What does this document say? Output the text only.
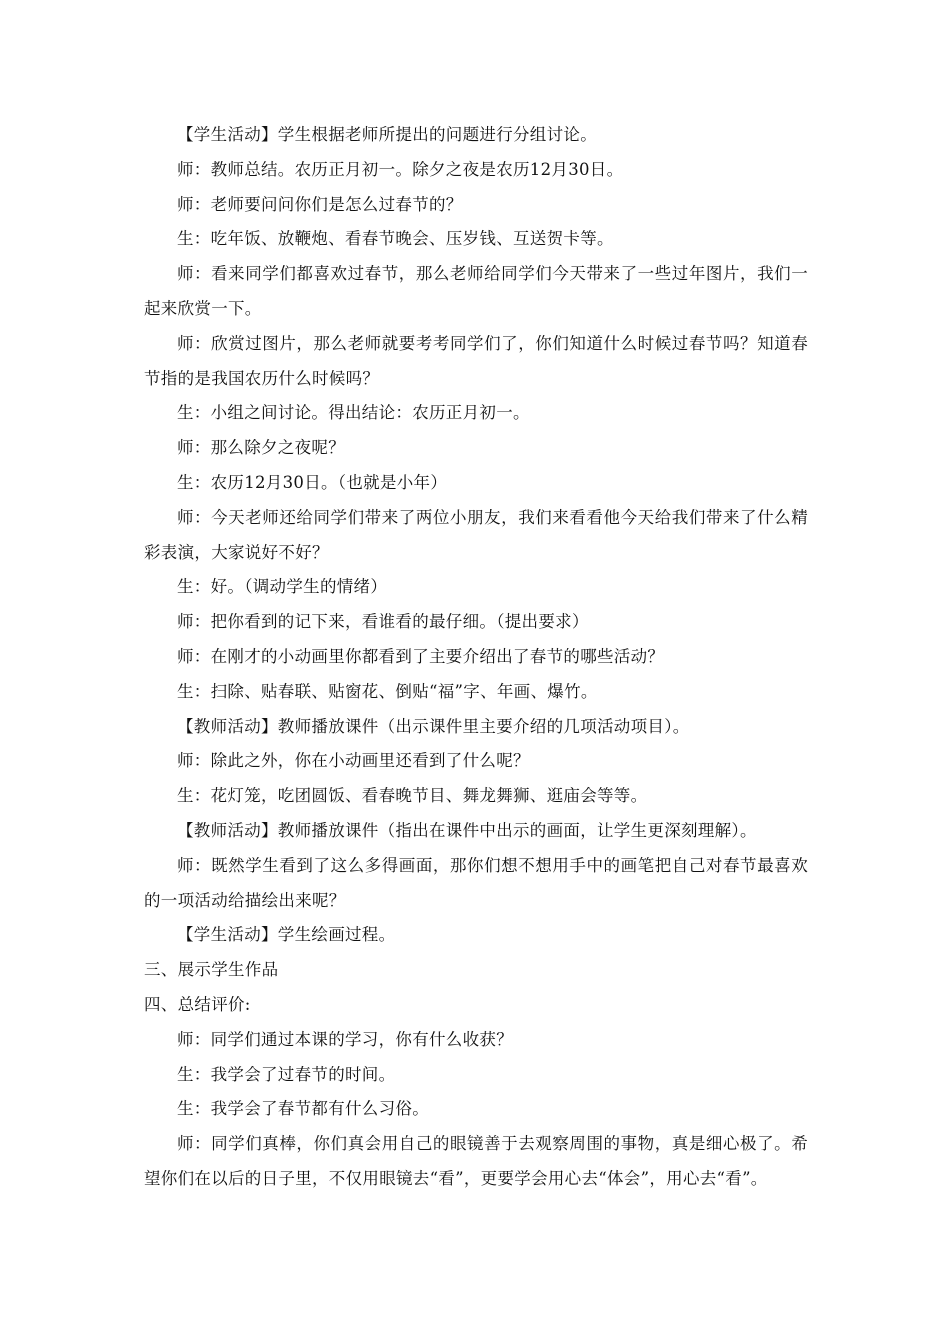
【学生活动】学生根据老师所提出的问题进行分组讨论。

师：教师总结。农历正月初一。除夕之夜是农历12月30日。

师：老师要问问你们是怎么过春节的？

生：吃年饭、放鞭炮、看春节晚会、压岁钱、互送贺卡等。

师：看来同学们都喜欢过春节，那么老师给同学们今天带来了一些过年图片，我们一起来欣赏一下。

师：欣赏过图片，那么老师就要考考同学们了，你们知道什么时候过春节吗？知道春节指的是我国农历什么时候吗？

生：小组之间讨论。得出结论：农历正月初一。

师：那么除夕之夜呢？

生：农历12月30日。（也就是小年）

师：今天老师还给同学们带来了两位小朋友，我们来看看他今天给我们带来了什么精彩表演，大家说好不好？

生：好。（调动学生的情绪）

师：把你看到的记下来，看谁看的最仔细。（提出要求）

师：在刚才的小动画里你都看到了主要介绍出了春节的哪些活动？

生：扫除、贴春联、贴窗花、倒贴“福”字、年画、爆竹。

【教师活动】教师播放课件（出示课件里主要介绍的几项活动项目）。

师：除此之外，你在小动画里还看到了什么呢？

生：花灯笼，吃团圆饭、看春晚节目、舞龙舞狮、逛庙会等等。

【教师活动】教师播放课件（指出在课件中出示的画面，让学生更深刻理解）。

师：既然学生看到了这么多得画面，那你们想不想用手中的画笔把自己对春节最喜欢的一项活动给描绘出来呢？

【学生活动】学生绘画过程。

三、展示学生作品

四、总结评价:

师：同学们通过本课的学习，你有什么收获？

生：我学会了过春节的时间。

生：我学会了春节都有什么习俗。

师：同学们真棒，你们真会用自己的眼镜善于去观察周围的事物，真是细心极了。希望你们在以后的日子里，不仅用眼镜去“看”，更要学会用心去“体会”，用心去“看”。
